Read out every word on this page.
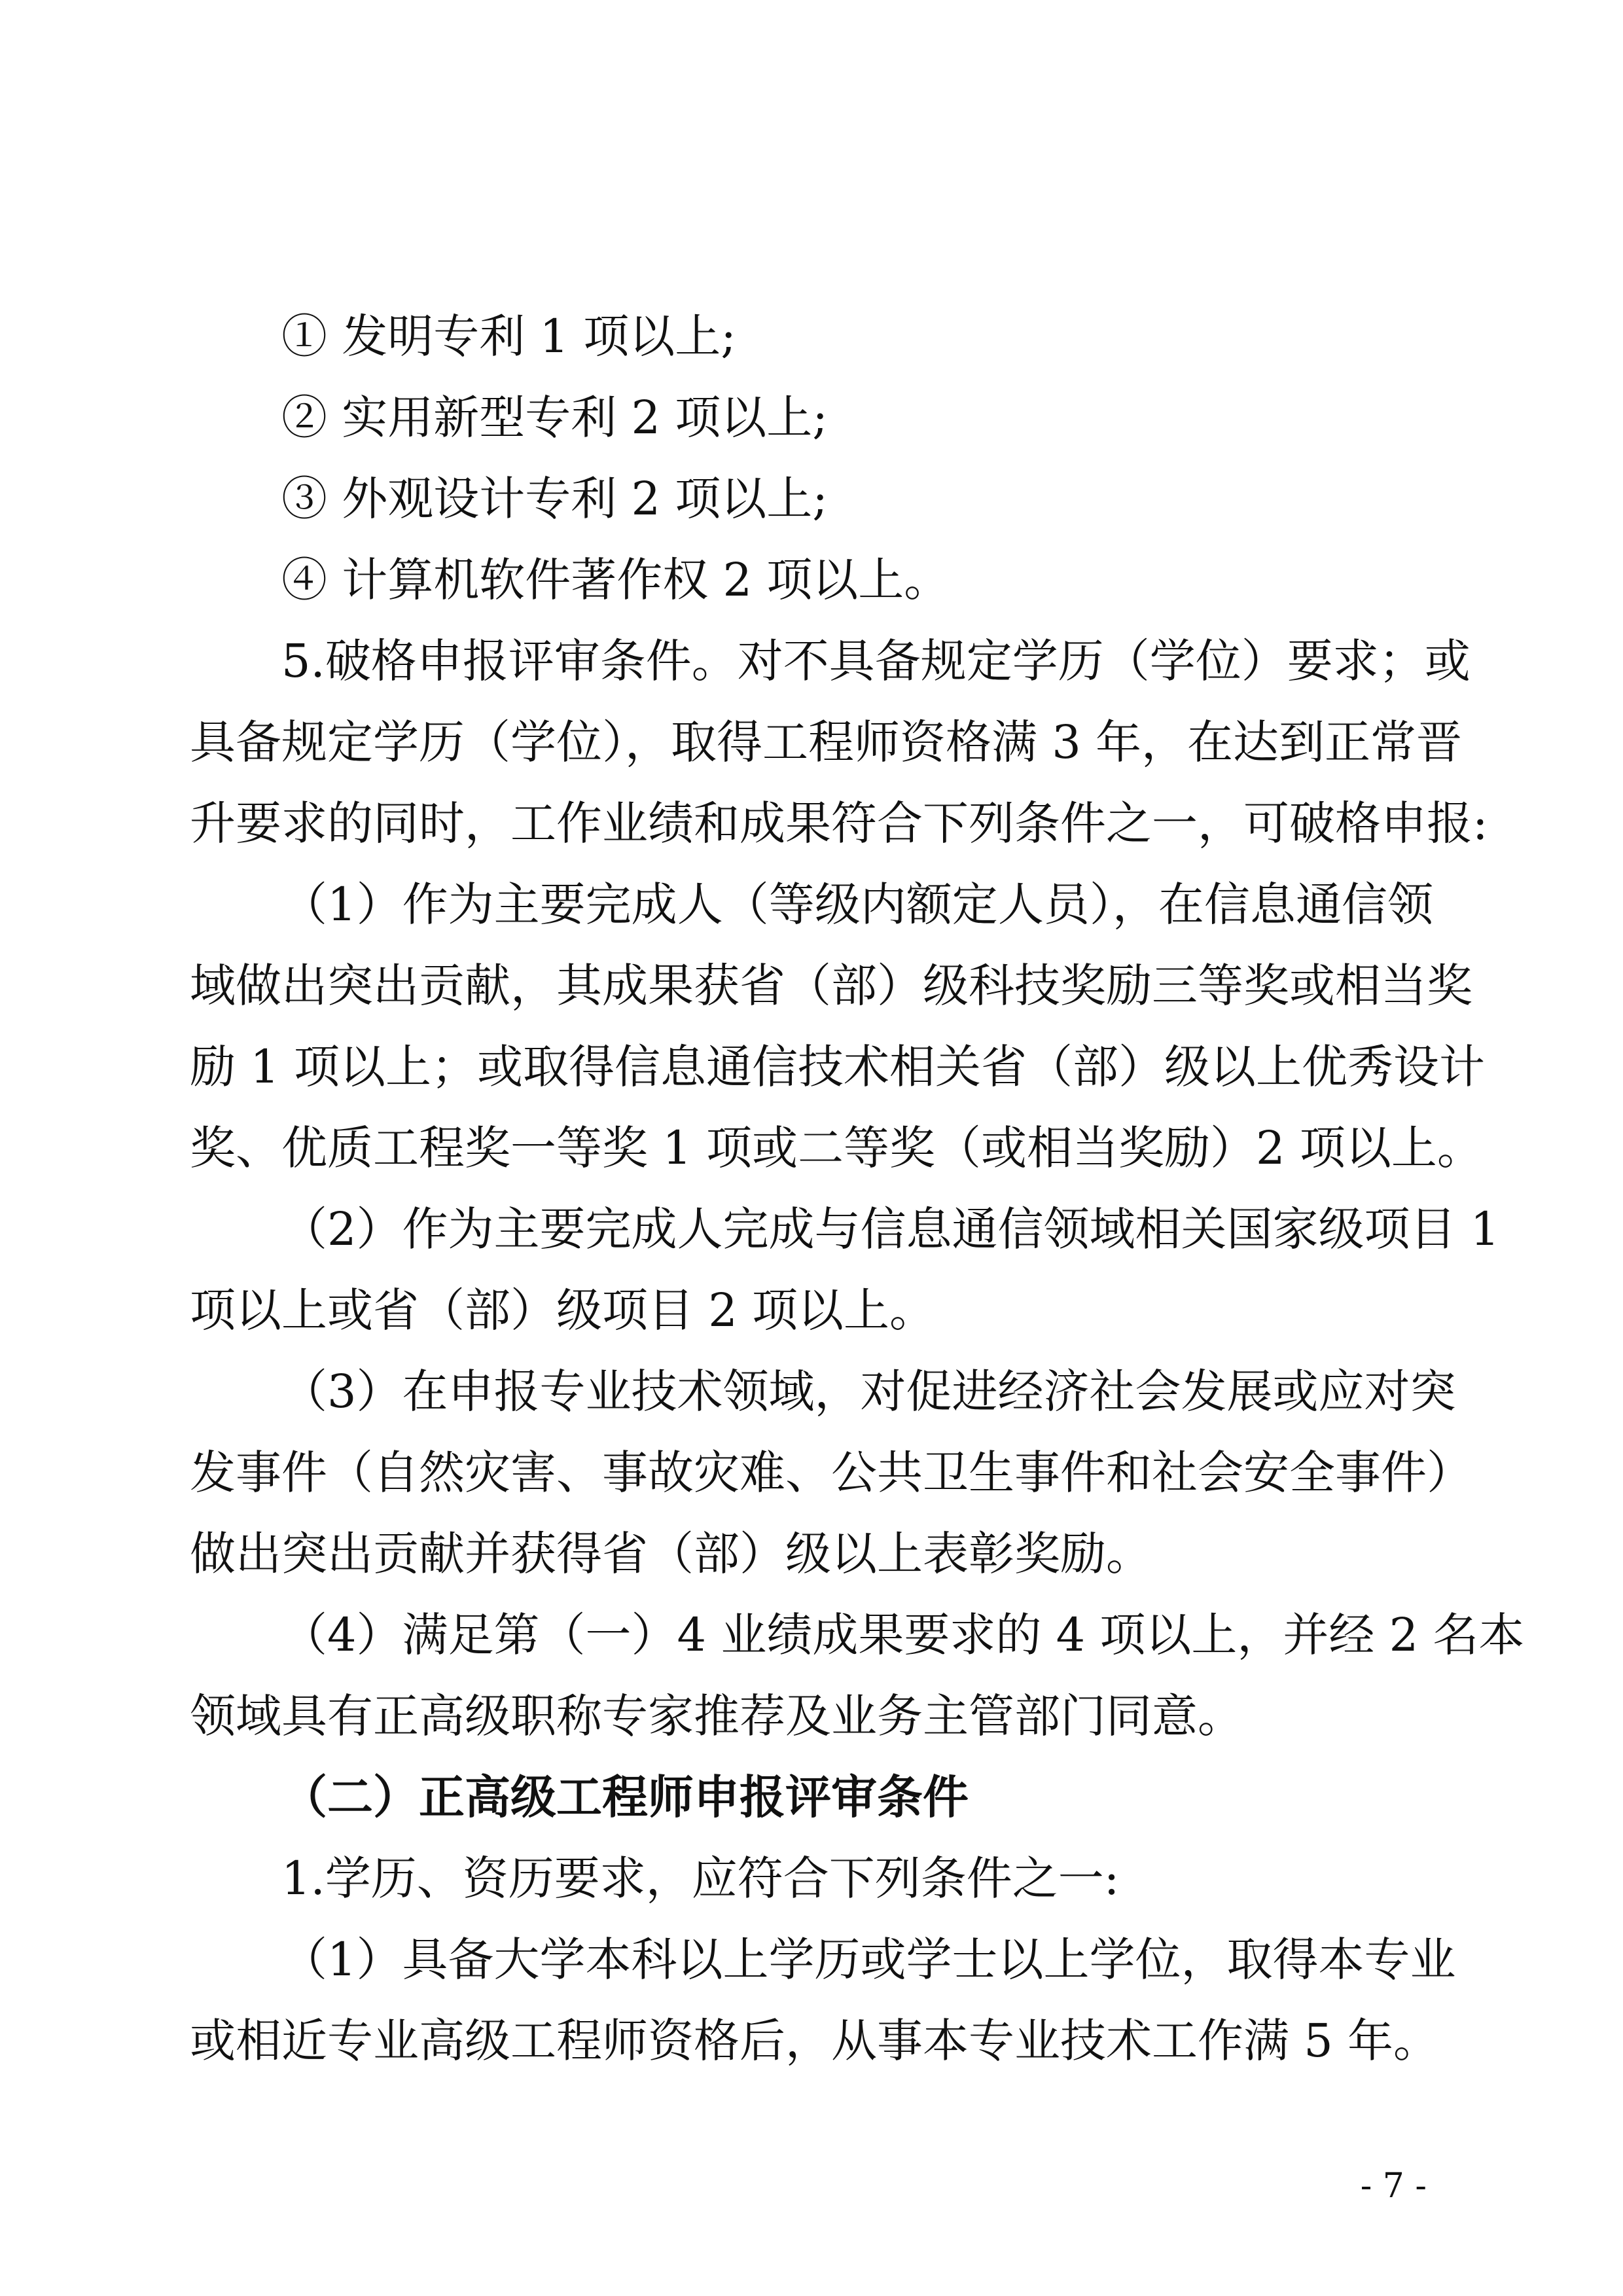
① 发明专利 1 项以上;
② 实用新型专利 2 项以上;
③ 外观设计专利 2 项以上;
④ 计算机软件著作权 2 项以上。
5.破格申报评审条件。对不具备规定学历（学位）要求；或
具备规定学历（学位），取得工程师资格满 3 年，在达到正常晋
升要求的同时，工作业绩和成果符合下列条件之一，可破格申报:
（1）作为主要完成人（等级内额定人员），在信息通信领
域做出突出贡献，其成果获省（部）级科技奖励三等奖或相当奖
励 1 项以上；或取得信息通信技术相关省（部）级以上优秀设计
奖、优质工程奖一等奖 1 项或二等奖（或相当奖励）2 项以上。
（2）作为主要完成人完成与信息通信领域相关国家级项目 1
项以上或省（部）级项目 2 项以上。
（3）在申报专业技术领域，对促进经济社会发展或应对突
发事件（自然灾害、事故灾难、公共卫生事件和社会安全事件）
做出突出贡献并获得省（部）级以上表彰奖励。
（4）满足第（一）4 业绩成果要求的 4 项以上，并经 2 名本
领域具有正高级职称专家推荐及业务主管部门同意。
（二）正高级工程师申报评审条件
1.学历、资历要求，应符合下列条件之一:
（1）具备大学本科以上学历或学士以上学位，取得本专业
或相近专业高级工程师资格后，从事本专业技术工作满 5 年。
- 7 -
